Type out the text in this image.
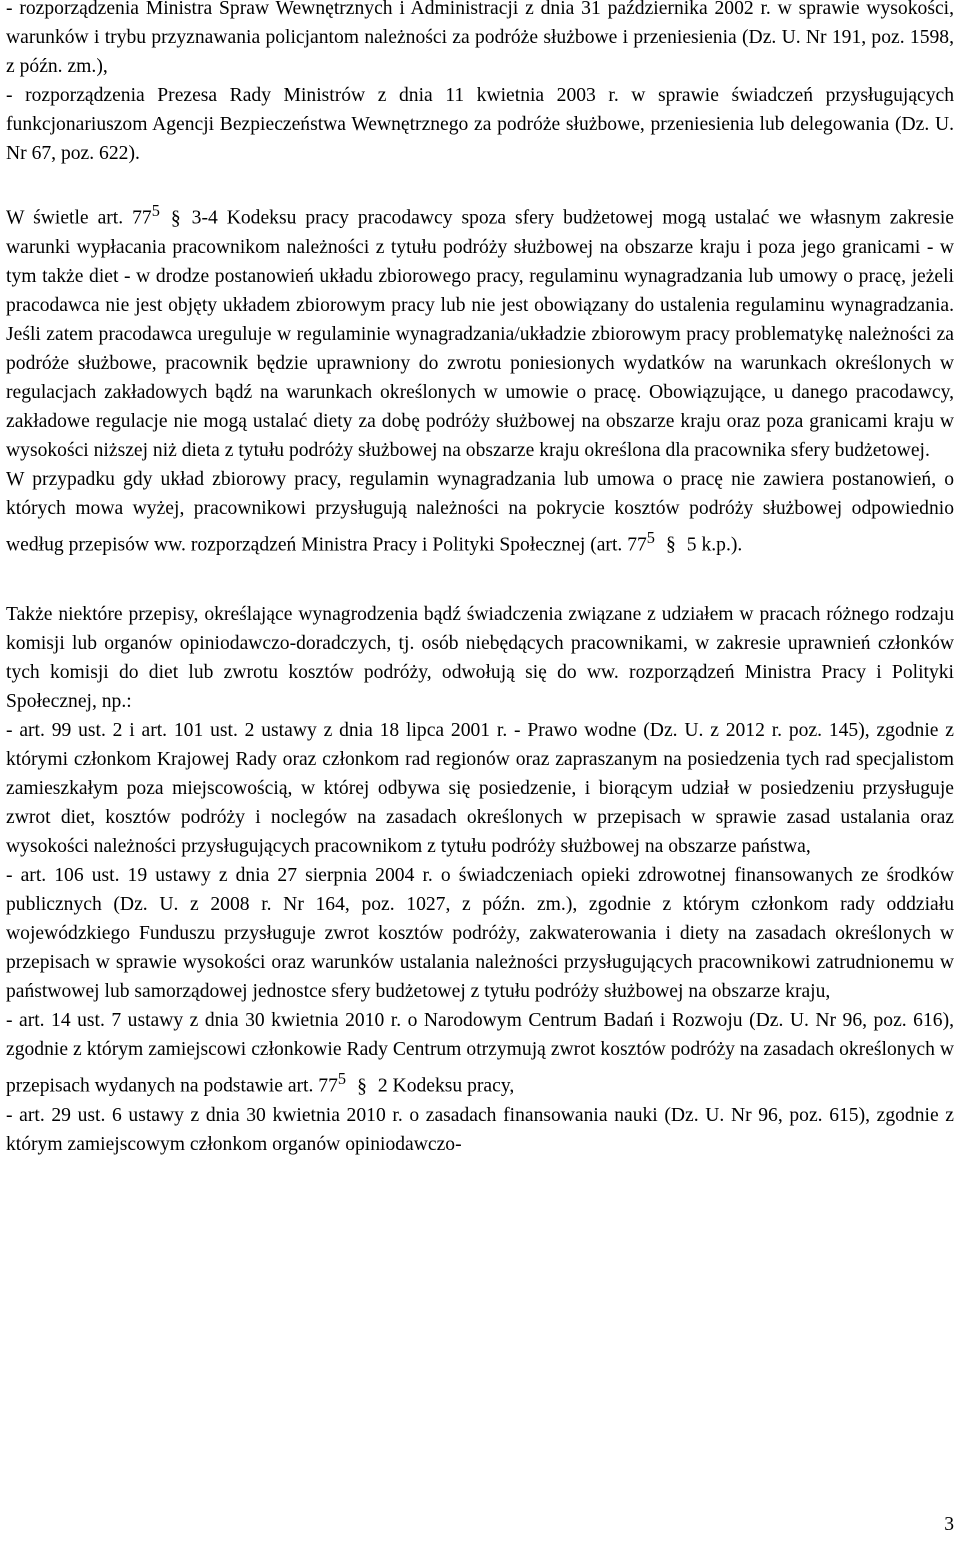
- rozporządzenia Ministra Spraw Wewnętrznych i Administracji z dnia 31 października 2002 r. w sprawie wysokości, warunków i trybu przyznawania policjantom należności za podróże służbowe i przeniesienia (Dz. U. Nr 191, poz. 1598, z późn. zm.),

- rozporządzenia Prezesa Rady Ministrów z dnia 11 kwietnia 2003 r. w sprawie świadczeń przysługujących funkcjonariuszom Agencji Bezpieczeństwa Wewnętrznego za podróże służbowe, przeniesienia lub delegowania (Dz. U. Nr 67, poz. 622).

W świetle art. $77^5$ § 3-4 Kodeksu pracy pracodawcy spoza sfery budżetowej mogą ustalać we własnym zakresie warunki wypłacania pracownikom należności z tytułu podróży służbowej na obszarze kraju i poza jego granicami - w tym także diet - w drodze postanowień układu zbiorowego pracy, regulaminu wynagradzania lub umowy o pracę, jeżeli pracodawca nie jest objęty układem zbiorowym pracy lub nie jest obowiązany do ustalenia regulaminu wynagradzania. Jeśli zatem pracodawca ureguluje w regulaminie wynagradzania/układzie zbiorowym pracy problematykę należności za podróże służbowe, pracownik będzie uprawniony do zwrotu poniesionych wydatków na warunkach określonych w regulacjach zakładowych bądź na warunkach określonych w umowie o pracę. Obowiązujące, u danego pracodawcy, zakładowe regulacje nie mogą ustalać diety za dobę podróży służbowej na obszarze kraju oraz poza granicami kraju w wysokości niższej niż dieta z tytułu podróży służbowej na obszarze kraju określona dla pracownika sfery budżetowej.

W przypadku gdy układ zbiorowy pracy, regulamin wynagradzania lub umowa o pracę nie zawiera postanowień, o których mowa wyżej, pracownikowi przysługują należności na pokrycie kosztów podróży służbowej odpowiednio według przepisów ww. rozporządzeń Ministra Pracy i Polityki Społecznej (art. $77^5$ § 5 k.p.).

Także niektóre przepisy, określające wynagrodzenia bądź świadczenia związane z udziałem w pracach różnego rodzaju komisji lub organów opiniodawczo-doradczych, tj. osób niebędących pracownikami, w zakresie uprawnień członków tych komisji do diet lub zwrotu kosztów podróży, odwołują się do ww. rozporządzeń Ministra Pracy i Polityki Społecznej, np.:

- art. 99 ust. 2 i art. 101 ust. 2 ustawy z dnia 18 lipca 2001 r. - Prawo wodne (Dz. U. z 2012 r. poz. 145), zgodnie z którymi członkom Krajowej Rady oraz członkom rad regionów oraz zapraszanym na posiedzenia tych rad specjalistom zamieszkałym poza miejscowością, w której odbywa się posiedzenie, i biorącym udział w posiedzeniu przysługuje zwrot diet, kosztów podróży i noclegów na zasadach określonych w przepisach w sprawie zasad ustalania oraz wysokości należności przysługujących pracownikom z tytułu podróży służbowej na obszarze państwa,

- art. 106 ust. 19 ustawy z dnia 27 sierpnia 2004 r. o świadczeniach opieki zdrowotnej finansowanych ze środków publicznych (Dz. U. z 2008 r. Nr 164, poz. 1027, z późn. zm.), zgodnie z którym członkom rady oddziału wojewódzkiego Funduszu przysługuje zwrot kosztów podróży, zakwaterowania i diety na zasadach określonych w przepisach w sprawie wysokości oraz warunków ustalania należności przysługujących pracownikowi zatrudnionemu w państwowej lub samorządowej jednostce sfery budżetowej z tytułu podróży służbowej na obszarze kraju,

- art. 14 ust. 7 ustawy z dnia 30 kwietnia 2010 r. o Narodowym Centrum Badań i Rozwoju (Dz. U. Nr 96, poz. 616), zgodnie z którym zamiejscowi członkowie Rady Centrum otrzymują zwrot kosztów podróży na zasadach określonych w przepisach wydanych na podstawie art. $77^5$ § 2 Kodeksu pracy,

- art. 29 ust. 6 ustawy z dnia 30 kwietnia 2010 r. o zasadach finansowania nauki (Dz. U. Nr 96, poz. 615), zgodnie z którym zamiejscowym członkom organów opiniodawczo-

3
